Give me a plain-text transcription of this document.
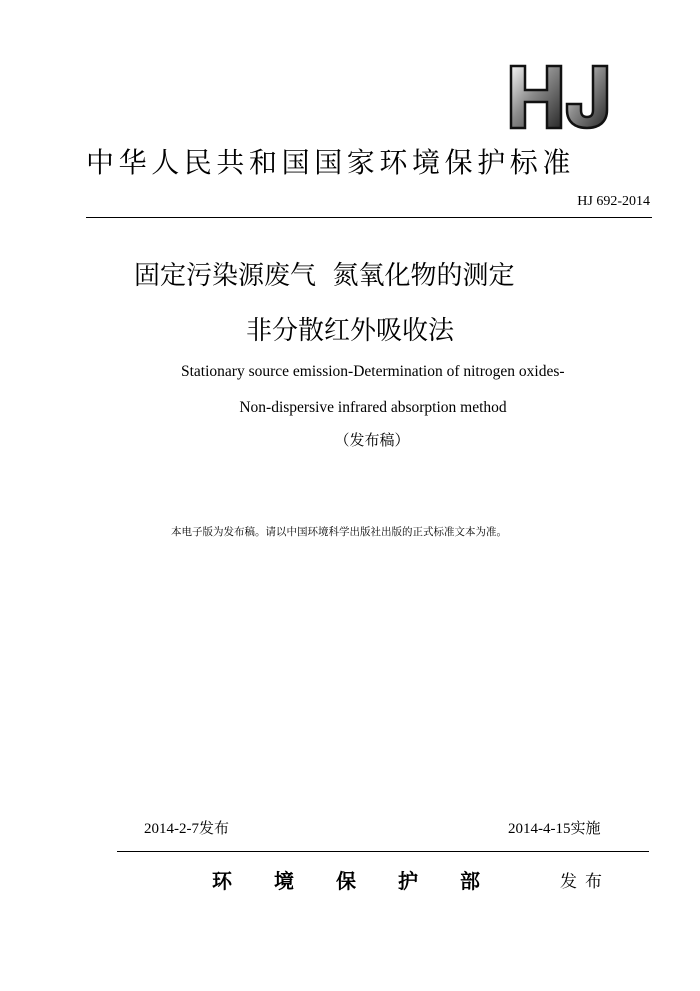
中华人民共和国国家环境保护标准
HJ 692-2014
固定污染源废气  氮氧化物的测定
非分散红外吸收法
Stationary source emission-Determination of nitrogen oxides-
Non-dispersive infrared absorption method
（发布稿）
本电子版为发布稿。请以中国环境科学出版社出版的正式标准文本为准。
2014-2-7发布	2014-4-15实施
环境保护部 发布
